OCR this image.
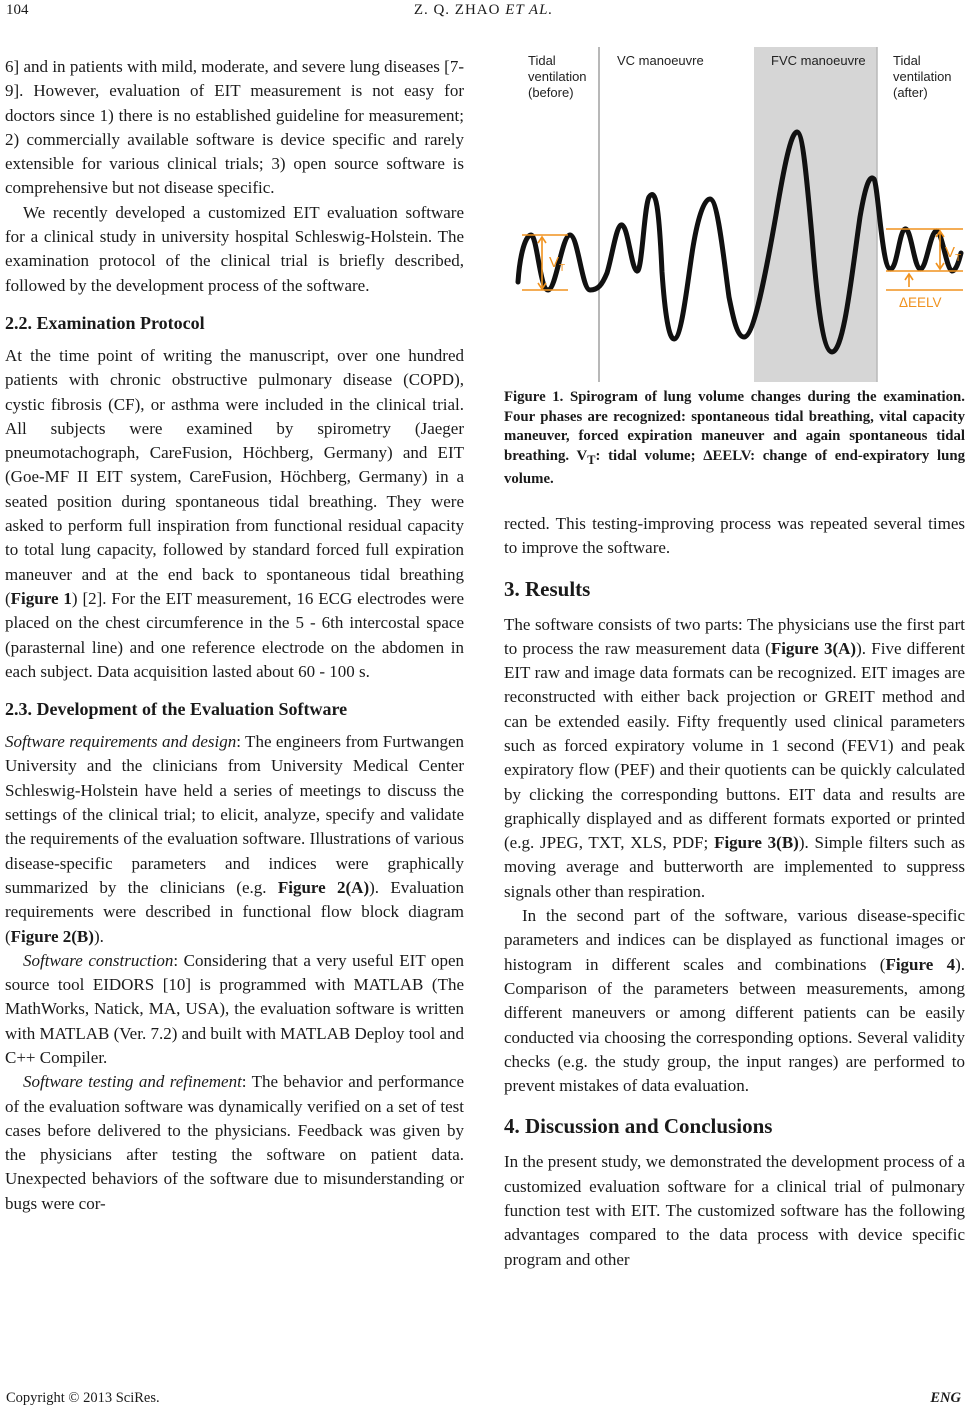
104	Z. Q. ZHAO ET AL.

6] and in patients with mild, moderate, and severe lung diseases [7-9]. However, evaluation of EIT measurement is not easy for doctors since 1) there is no established guideline for measurement; 2) commercially available software is device specific and rarely extensible for various clinical trials; 3) open source software is comprehensive but not disease specific.

We recently developed a customized EIT evaluation software for a clinical study in university hospital Schleswig-Holstein. The examination protocol of the clinical trial is briefly described, followed by the development process of the software.

2.2. Examination Protocol

At the time point of writing the manuscript, over one hundred patients with chronic obstructive pulmonary disease (COPD), cystic fibrosis (CF), or asthma were included in the clinical trial. All subjects were examined by spirometry (Jaeger pneumotachograph, CareFusion, Höchberg, Germany) and EIT (Goe-MF II EIT system, CareFusion, Höchberg, Germany) in a seated position during spontaneous tidal breathing. They were asked to perform full inspiration from functional residual capacity to total lung capacity, followed by standard forced full expiration maneuver and at the end back to spontaneous tidal breathing (Figure 1) [2]. For the EIT measurement, 16 ECG electrodes were placed on the chest circumference in the 5 - 6th intercostal space (parasternal line) and one reference electrode on the abdomen in each subject. Data acquisition lasted about 60 - 100 s.

2.3. Development of the Evaluation Software

Software requirements and design: The engineers from Furtwangen University and the clinicians from University Medical Center Schleswig-Holstein have held a series of meetings to discuss the settings of the clinical trial; to elicit, analyze, specify and validate the requirements of the evaluation software. Illustrations of various disease-specific parameters and indices were graphically summarized by the clinicians (e.g. Figure 2(A)). Evaluation requirements were described in functional flow block diagram (Figure 2(B)).

Software construction: Considering that a very useful EIT open source tool EIDORS [10] is programmed with MATLAB (The MathWorks, Natick, MA, USA), the evaluation software is written with MATLAB (Ver. 7.2) and built with MATLAB Deploy tool and C++ Compiler.

Software testing and refinement: The behavior and performance of the evaluation software was dynamically verified on a set of test cases before delivered to the physicians. Feedback was given by the physicians after testing the software on patient data. Unexpected behaviors of the software due to misunderstanding or bugs were cor-

Tidal ventilation (before)
VC manoeuvre	FVC manoeuvre Tidal ventilation (after)
$V_T$
$V_T$
ΔEELV

Figure 1. Spirogram of lung volume changes during the examination. Four phases are recognized: spontaneous tidal breathing, vital capacity maneuver, forced expiration maneuver and again spontaneous tidal breathing. $V_T$: tidal volume; ΔEELV: change of end-expiratory lung volume.

rected. This testing-improving process was repeated several times to improve the software.

3. Results

The software consists of two parts: The physicians use the first part to process the raw measurement data (Figure 3(A)). Five different EIT raw and image data formats can be recognized. EIT images are reconstructed with either back projection or GREIT method and can be extended easily. Fifty frequently used clinical parameters such as forced expiratory volume in 1 second (FEV1) and peak expiratory flow (PEF) and their quotients can be quickly calculated by clicking the corresponding buttons. EIT data and results are graphically displayed and as different formats exported or printed (e.g. JPEG, TXT, XLS, PDF; Figure 3(B)). Simple filters such as moving average and butterworth are implemented to suppress signals other than respiration.

In the second part of the software, various disease-specific parameters and indices can be displayed as functional images or histogram in different scales and combinations (Figure 4). Comparison of the parameters between measurements, among different maneuvers or among different patients can be easily conducted via choosing the corresponding options. Several validity checks (e.g. the study group, the input ranges) are performed to prevent mistakes of data evaluation.

4. Discussion and Conclusions

In the present study, we demonstrated the development process of a customized evaluation software for a clinical trial of pulmonary function test with EIT. The customized software has the following advantages compared to the data process with device specific program and other

Copyright © 2013 SciRes.	ENG
